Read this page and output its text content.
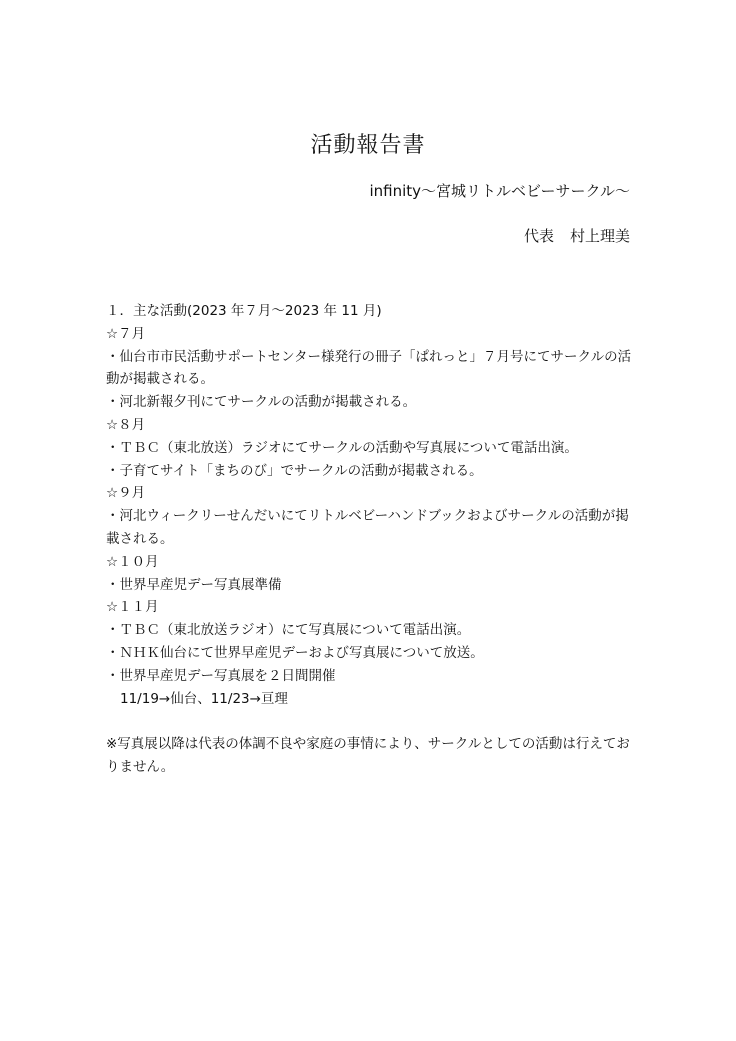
活動報告書
infinity～宮城リトルベビーサークル～
代表 村上理美
１．主な活動(2023 年７月～2023 年 11 月)
☆７月
・仙台市市民活動サポートセンター様発行の冊子「ぱれっと」７月号にてサークルの活動が掲載される。
・河北新報夕刊にてサークルの活動が掲載される。
☆８月
・ＴＢＣ（東北放送）ラジオにてサークルの活動や写真展について電話出演。
・子育てサイト「まちのび」でサークルの活動が掲載される。
☆９月
・河北ウィークリーせんだいにてリトルベビーハンドブックおよびサークルの活動が掲載される。
☆１０月
・世界早産児デー写真展準備
☆１１月
・ＴＢＣ（東北放送ラジオ）にて写真展について電話出演。
・ＮＨＫ仙台にて世界早産児デーおよび写真展について放送。
・世界早産児デー写真展を２日間開催
11/19→仙台、11/23→亘理
※写真展以降は代表の体調不良や家庭の事情により、サークルとしての活動は行えておりません。
